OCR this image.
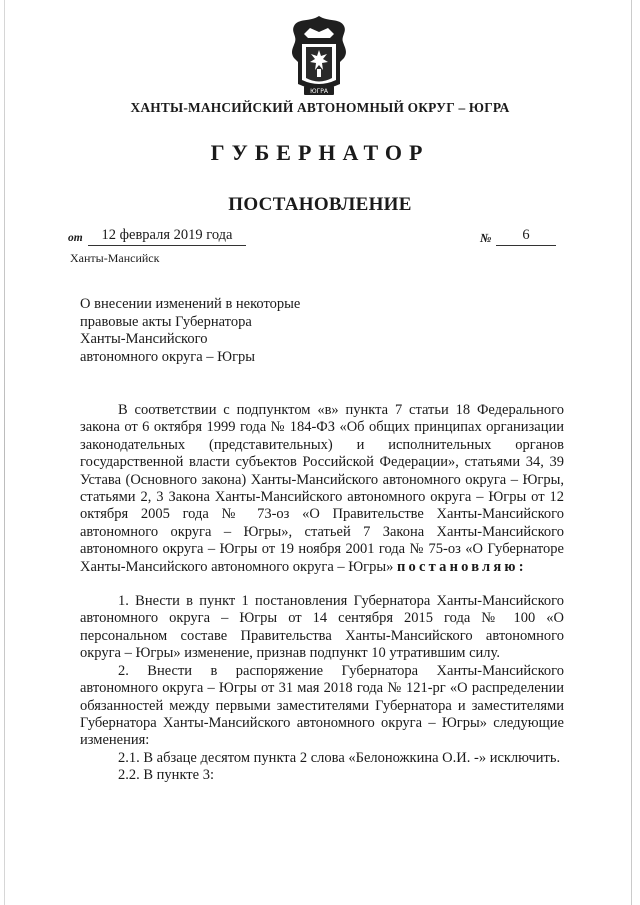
ЮГРА
ХАНТЫ-МАНСИЙСКИЙ АВТОНОМНЫЙ ОКРУГ – ЮГРА
ГУБЕРНАТОР
ПОСТАНОВЛЕНИЕ
от	12 февраля 2019 года	№	6
Ханты-Мансийск
О внесении изменений в некоторые
правовые акты Губернатора
Ханты-Мансийского
автономного округа – Югры

В соответствии с подпунктом «в» пункта 7 статьи 18 Федерального закона от 6 октября 1999 года № 184-ФЗ «Об общих принципах организации законодательных (представительных) и исполнительных органов государственной власти субъектов Российской Федерации», статьями 34, 39 Устава (Основного закона) Ханты-Мансийского автономного округа – Югры, статьями 2, 3 Закона Ханты-Мансийского автономного округа – Югры от 12 октября 2005 года № 73-оз «О Правительстве Ханты-Мансийского автономного округа – Югры», статьей 7 Закона Ханты-Мансийского автономного округа – Югры от 19 ноября 2001 года № 75-оз «О Губернаторе Ханты-Мансийского автономного округа – Югры» постановляю:

1. Внести в пункт 1 постановления Губернатора Ханты-Мансийского автономного округа – Югры от 14 сентября 2015 года № 100 «О персональном составе Правительства Ханты-Мансийского автономного округа – Югры» изменение, признав подпункт 10 утратившим силу.

2. Внести в распоряжение Губернатора Ханты-Мансийского автономного округа – Югры от 31 мая 2018 года № 121-рг «О распределении обязанностей между первыми заместителями Губернатора и заместителями Губернатора Ханты-Мансийского автономного округа – Югры» следующие изменения:

2.1. В абзаце десятом пункта 2 слова «Белоножкина О.И. -» исключить.

2.2. В пункте 3:
